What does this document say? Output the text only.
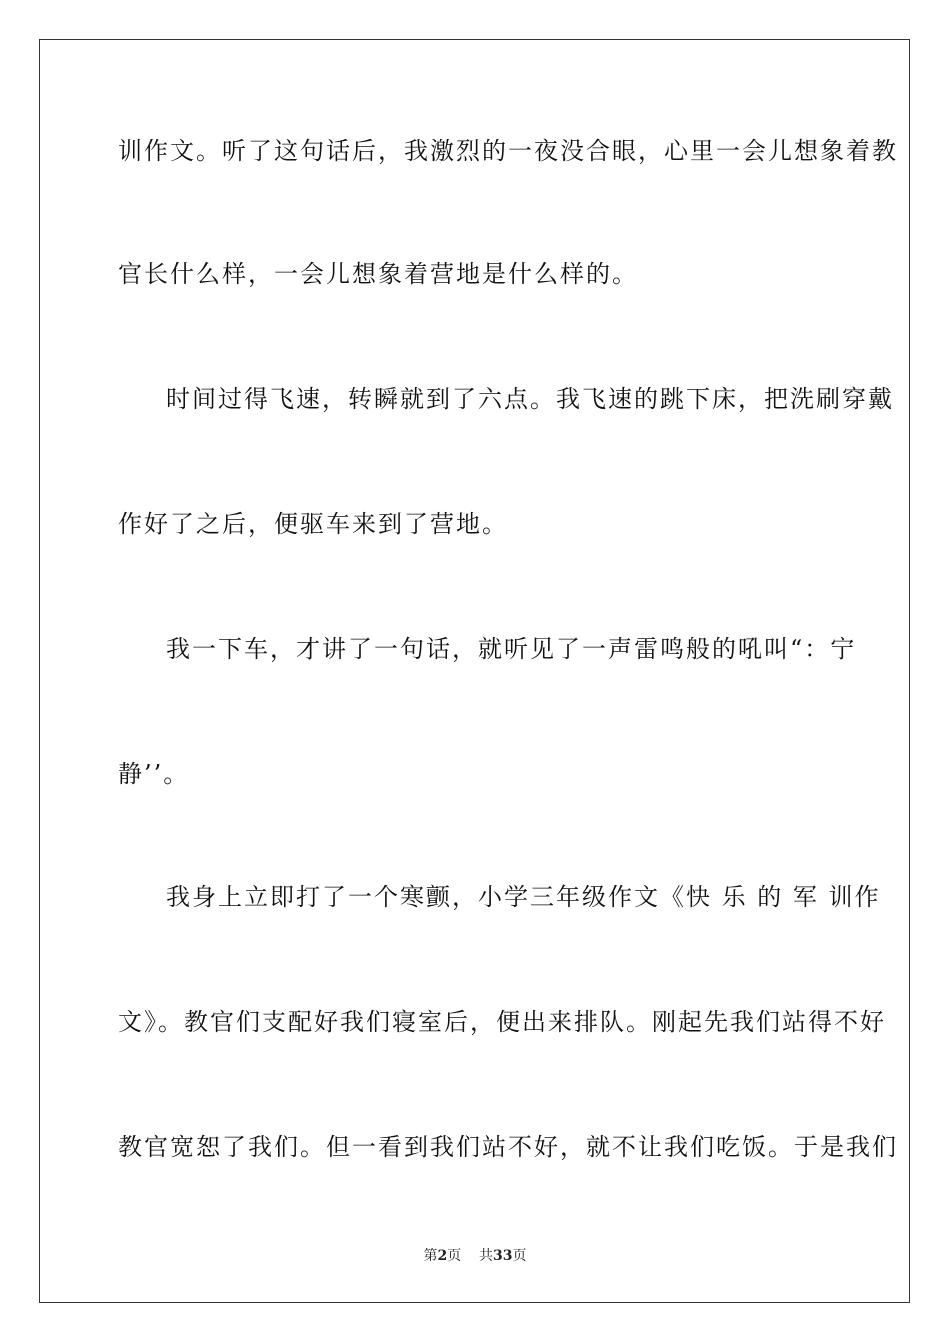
训作文。听了这句话后，我激烈的一夜没合眼，心里一会儿想象着教
官长什么样，一会儿想象着营地是什么样的。
时间过得飞速，转瞬就到了六点。我飞速的跳下床，把洗刷穿戴
作好了之后，便驱车来到了营地。
我一下车，才讲了一句话，就听见了一声雷鸣般的吼叫“：宁
静’’。
我身上立即打了一个寒颤，小学三年级作文《快 乐 的 军 训作
文》。教官们支配好我们寝室后，便出来排队。刚起先我们站得不好
教官宽恕了我们。但一看到我们站不好，就不让我们吃饭。于是我们
第2页 共33页
